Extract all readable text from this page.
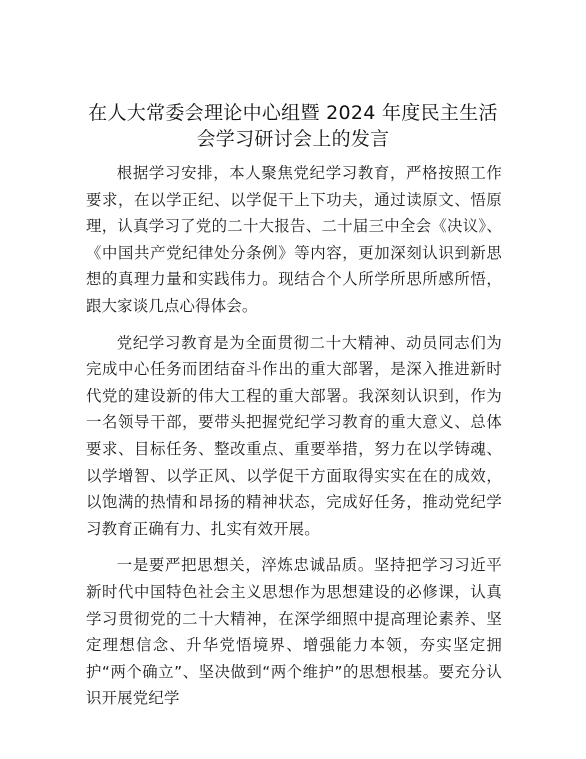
在人大常委会理论中心组暨 2024 年度民主生活
会学习研讨会上的发言

根据学习安排，本人聚焦党纪学习教育，严格按照工作要求，在以学正纪、以学促干上下功夫，通过读原文、悟原理，认真学习了党的二十大报告、二十届三中全会《决议》、《中国共产党纪律处分条例》等内容，更加深刻认识到新思想的真理力量和实践伟力。现结合个人所学所思所感所悟，跟大家谈几点心得体会。

党纪学习教育是为全面贯彻二十大精神、动员同志们为完成中心任务而团结奋斗作出的重大部署，是深入推进新时代党的建设新的伟大工程的重大部署。我深刻认识到，作为一名领导干部，要带头把握党纪学习教育的重大意义、总体要求、目标任务、整改重点、重要举措，努力在以学铸魂、以学增智、以学正风、以学促干方面取得实实在在的成效，以饱满的热情和昂扬的精神状态，完成好任务，推动党纪学习教育正确有力、扎实有效开展。

一是要严把思想关，淬炼忠诚品质。坚持把学习习近平新时代中国特色社会主义思想作为思想建设的必修课，认真学习贯彻党的二十大精神，在深学细照中提高理论素养、坚定理想信念、升华党悟境界、增强能力本领，夯实坚定拥护“两个确立”、坚决做到“两个维护”的思想根基。要充分认识开展党纪学
